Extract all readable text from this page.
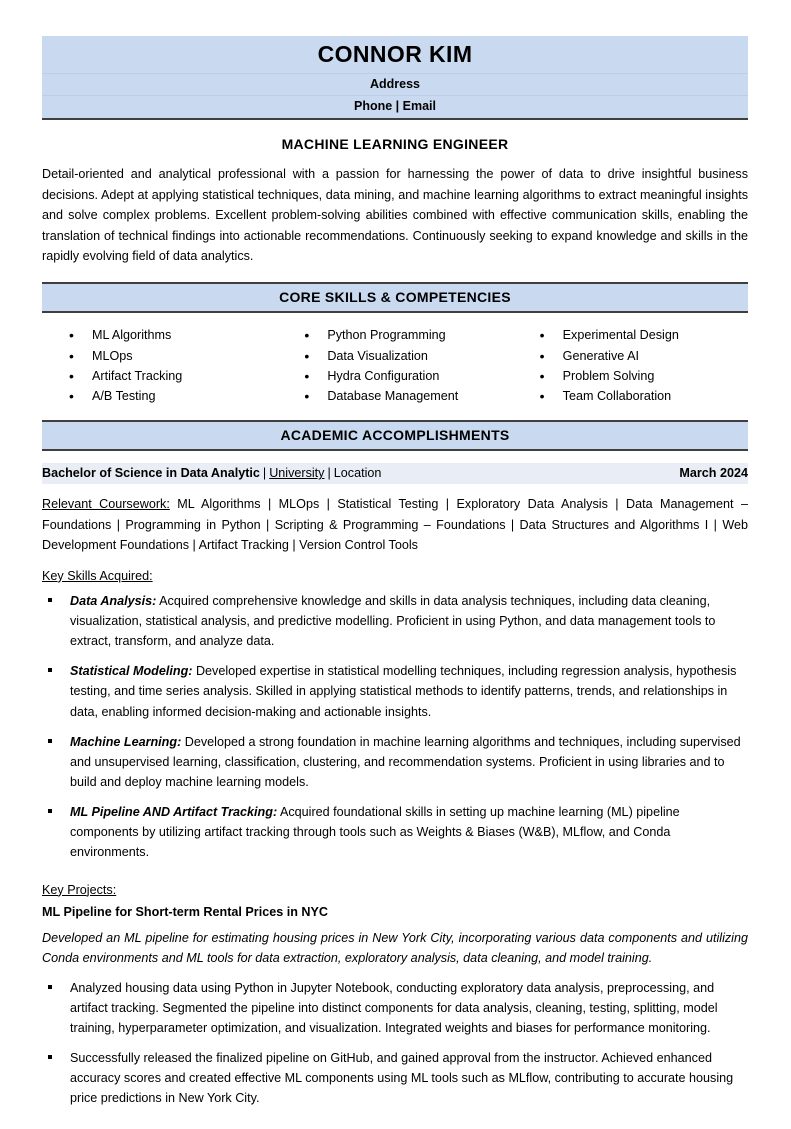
CONNOR KIM
Address
Phone | Email
MACHINE LEARNING ENGINEER
Detail-oriented and analytical professional with a passion for harnessing the power of data to drive insightful business decisions. Adept at applying statistical techniques, data mining, and machine learning algorithms to extract meaningful insights and solve complex problems. Excellent problem-solving abilities combined with effective communication skills, enabling the translation of technical findings into actionable recommendations. Continuously seeking to expand knowledge and skills in the rapidly evolving field of data analytics.
CORE SKILLS & COMPETENCIES
• ML Algorithms
• MLOps
• Artifact Tracking
• A/B Testing
• Python Programming
• Data Visualization
• Hydra Configuration
• Database Management
• Experimental Design
• Generative AI
• Problem Solving
• Team Collaboration
ACADEMIC ACCOMPLISHMENTS
Bachelor of Science in Data Analytic | University | Location	March 2024
Relevant Coursework: ML Algorithms | MLOps | Statistical Testing | Exploratory Data Analysis | Data Management – Foundations | Programming in Python | Scripting & Programming – Foundations | Data Structures and Algorithms I | Web Development Foundations | Artifact Tracking | Version Control Tools
Key Skills Acquired:
Data Analysis: Acquired comprehensive knowledge and skills in data analysis techniques, including data cleaning, visualization, statistical analysis, and predictive modelling. Proficient in using Python, and data management tools to extract, transform, and analyze data.
Statistical Modeling: Developed expertise in statistical modelling techniques, including regression analysis, hypothesis testing, and time series analysis. Skilled in applying statistical methods to identify patterns, trends, and relationships in data, enabling informed decision-making and actionable insights.
Machine Learning: Developed a strong foundation in machine learning algorithms and techniques, including supervised and unsupervised learning, classification, clustering, and recommendation systems. Proficient in using libraries and to build and deploy machine learning models.
ML Pipeline AND Artifact Tracking: Acquired foundational skills in setting up machine learning (ML) pipeline components by utilizing artifact tracking through tools such as Weights & Biases (W&B), MLflow, and Conda environments.
Key Projects:
ML Pipeline for Short-term Rental Prices in NYC
Developed an ML pipeline for estimating housing prices in New York City, incorporating various data components and utilizing Conda environments and ML tools for data extraction, exploratory analysis, data cleaning, and model training.
Analyzed housing data using Python in Jupyter Notebook, conducting exploratory data analysis, preprocessing, and artifact tracking. Segmented the pipeline into distinct components for data analysis, cleaning, testing, splitting, model training, hyperparameter optimization, and visualization. Integrated weights and biases for performance monitoring.
Successfully released the finalized pipeline on GitHub, and gained approval from the instructor. Achieved enhanced accuracy scores and created effective ML components using ML tools such as MLflow, contributing to accurate housing price predictions in New York City.
